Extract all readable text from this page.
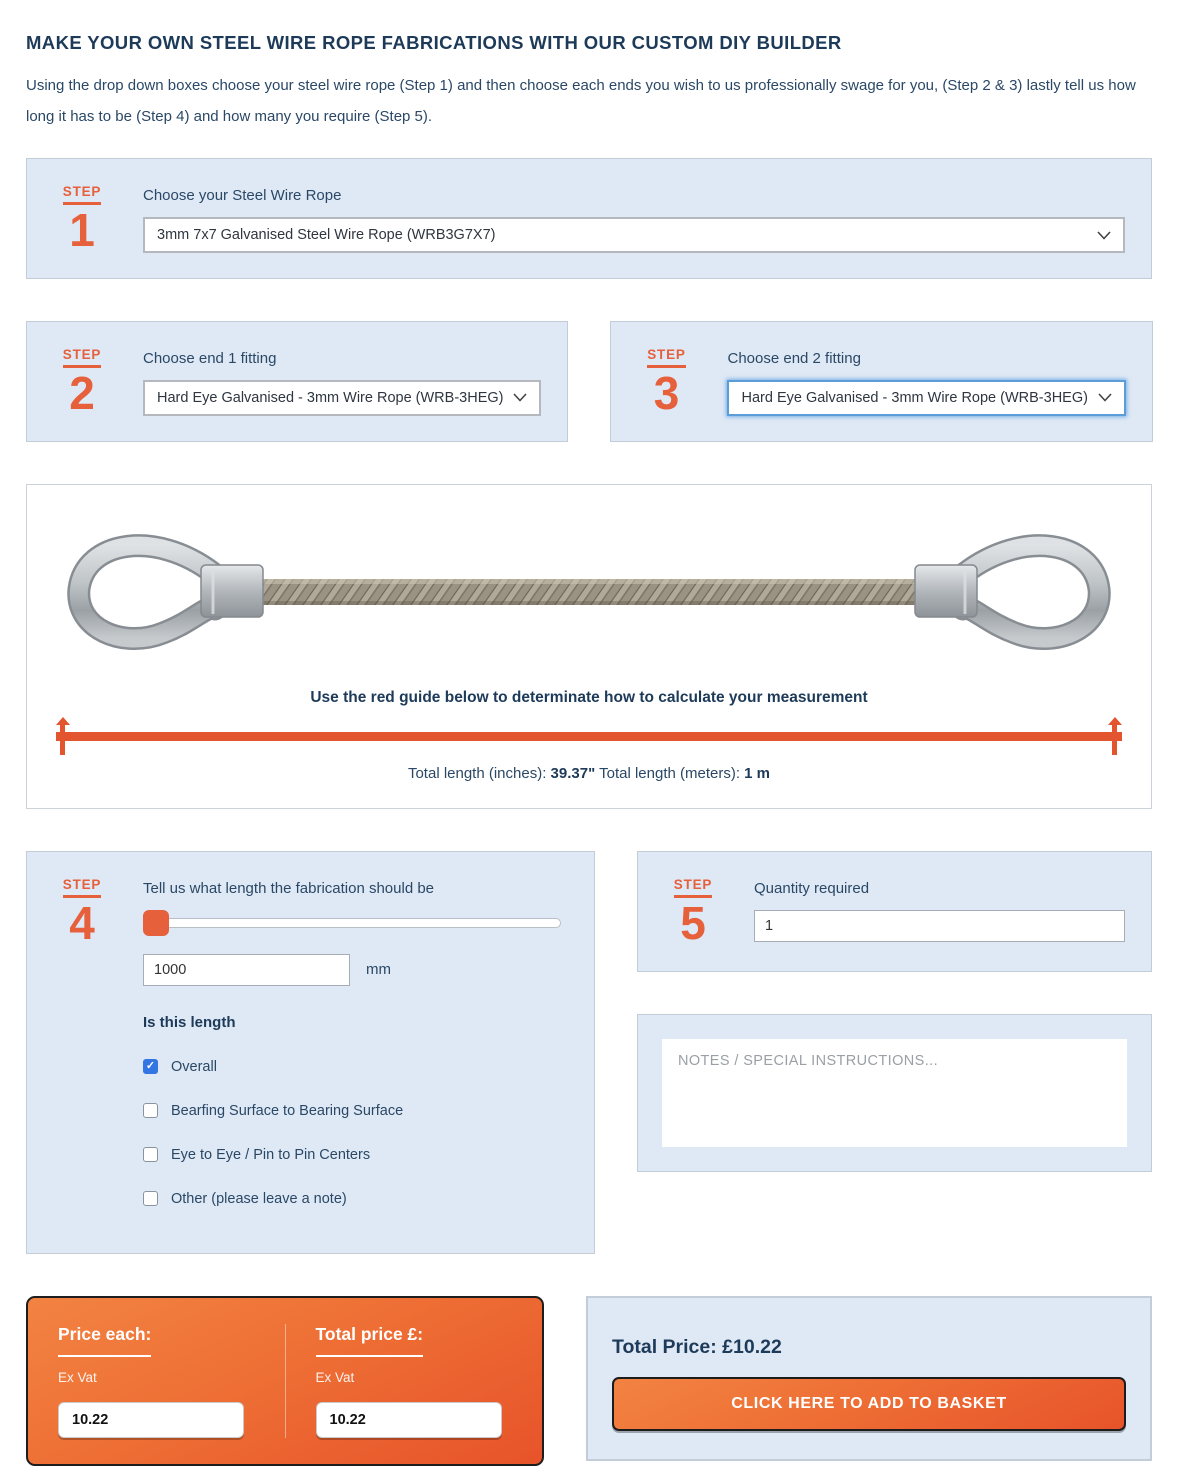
MAKE YOUR OWN STEEL WIRE ROPE FABRICATIONS WITH OUR CUSTOM DIY BUILDER

Using the drop down boxes choose your steel wire rope (Step 1) and then choose each ends you wish to us professionally swage for you, (Step 2 & 3) lastly tell us how long it has to be (Step 4) and how many you require (Step 5).

STEP
1
Choose your Steel Wire Rope
3mm 7x7 Galvanised Steel Wire Rope (WRB3G7X7)
STEP
2
Choose end 1 fitting
Hard Eye Galvanised - 3mm Wire Rope (WRB-3HEG)
STEP
3
Choose end 2 fitting
Hard Eye Galvanised - 3mm Wire Rope (WRB-3HEG)

Use the red guide below to determinate how to calculate your measurement

Total length (inches): 39.37" Total length (meters): 1 m

STEP
4
Tell us what length the fabrication should be
1000
mm

Is this length

✓ Overall
Bearfing Surface to Bearing Surface
Eye to Eye / Pin to Pin Centers
Other (please leave a note)
STEP
5
Quantity required
1
NOTES / SPECIAL INSTRUCTIONS...
Price each:
Ex Vat
10.22
Total price £:
Ex Vat
10.22
Total Price: £10.22
CLICK HERE TO ADD TO BASKET
